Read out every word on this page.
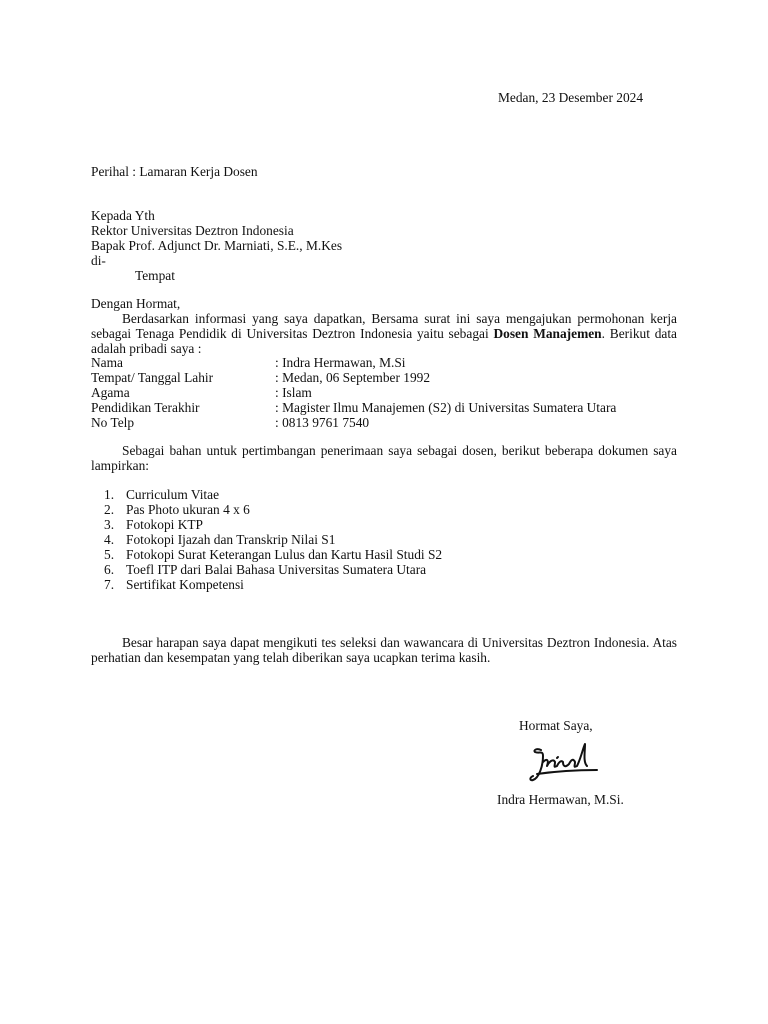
Medan, 23 Desember 2024
Perihal : Lamaran Kerja Dosen
Kepada Yth
Rektor Universitas Deztron Indonesia
Bapak Prof. Adjunct Dr. Marniati, S.E., M.Kes
di-
Tempat
Dengan Hormat,

Berdasarkan informasi yang saya dapatkan, Bersama surat ini saya mengajukan permohonan kerja sebagai Tenaga Pendidik di Universitas Deztron Indonesia yaitu sebagai Dosen Manajemen. Berikut data adalah pribadi saya :

Nama	: Indra Hermawan, M.Si
Tempat/ Tanggal Lahir	: Medan, 06 September 1992
Agama	: Islam
Pendidikan Terakhir	: Magister Ilmu Manajemen (S2) di Universitas Sumatera Utara
No Telp	: 0813 9761 7540

Sebagai bahan untuk pertimbangan penerimaan saya sebagai dosen, berikut beberapa dokumen saya lampirkan:

1. Curriculum Vitae
2. Pas Photo ukuran 4 x 6
3. Fotokopi KTP
4. Fotokopi Ijazah dan Transkrip Nilai S1
5. Fotokopi Surat Keterangan Lulus dan Kartu Hasil Studi S2
6. Toefl ITP dari Balai Bahasa Universitas Sumatera Utara
7. Sertifikat Kompetensi

Besar harapan saya dapat mengikuti tes seleksi dan wawancara di Universitas Deztron Indonesia. Atas perhatian dan kesempatan yang telah diberikan saya ucapkan terima kasih.

Hormat Saya,
Indra Hermawan, M.Si.
